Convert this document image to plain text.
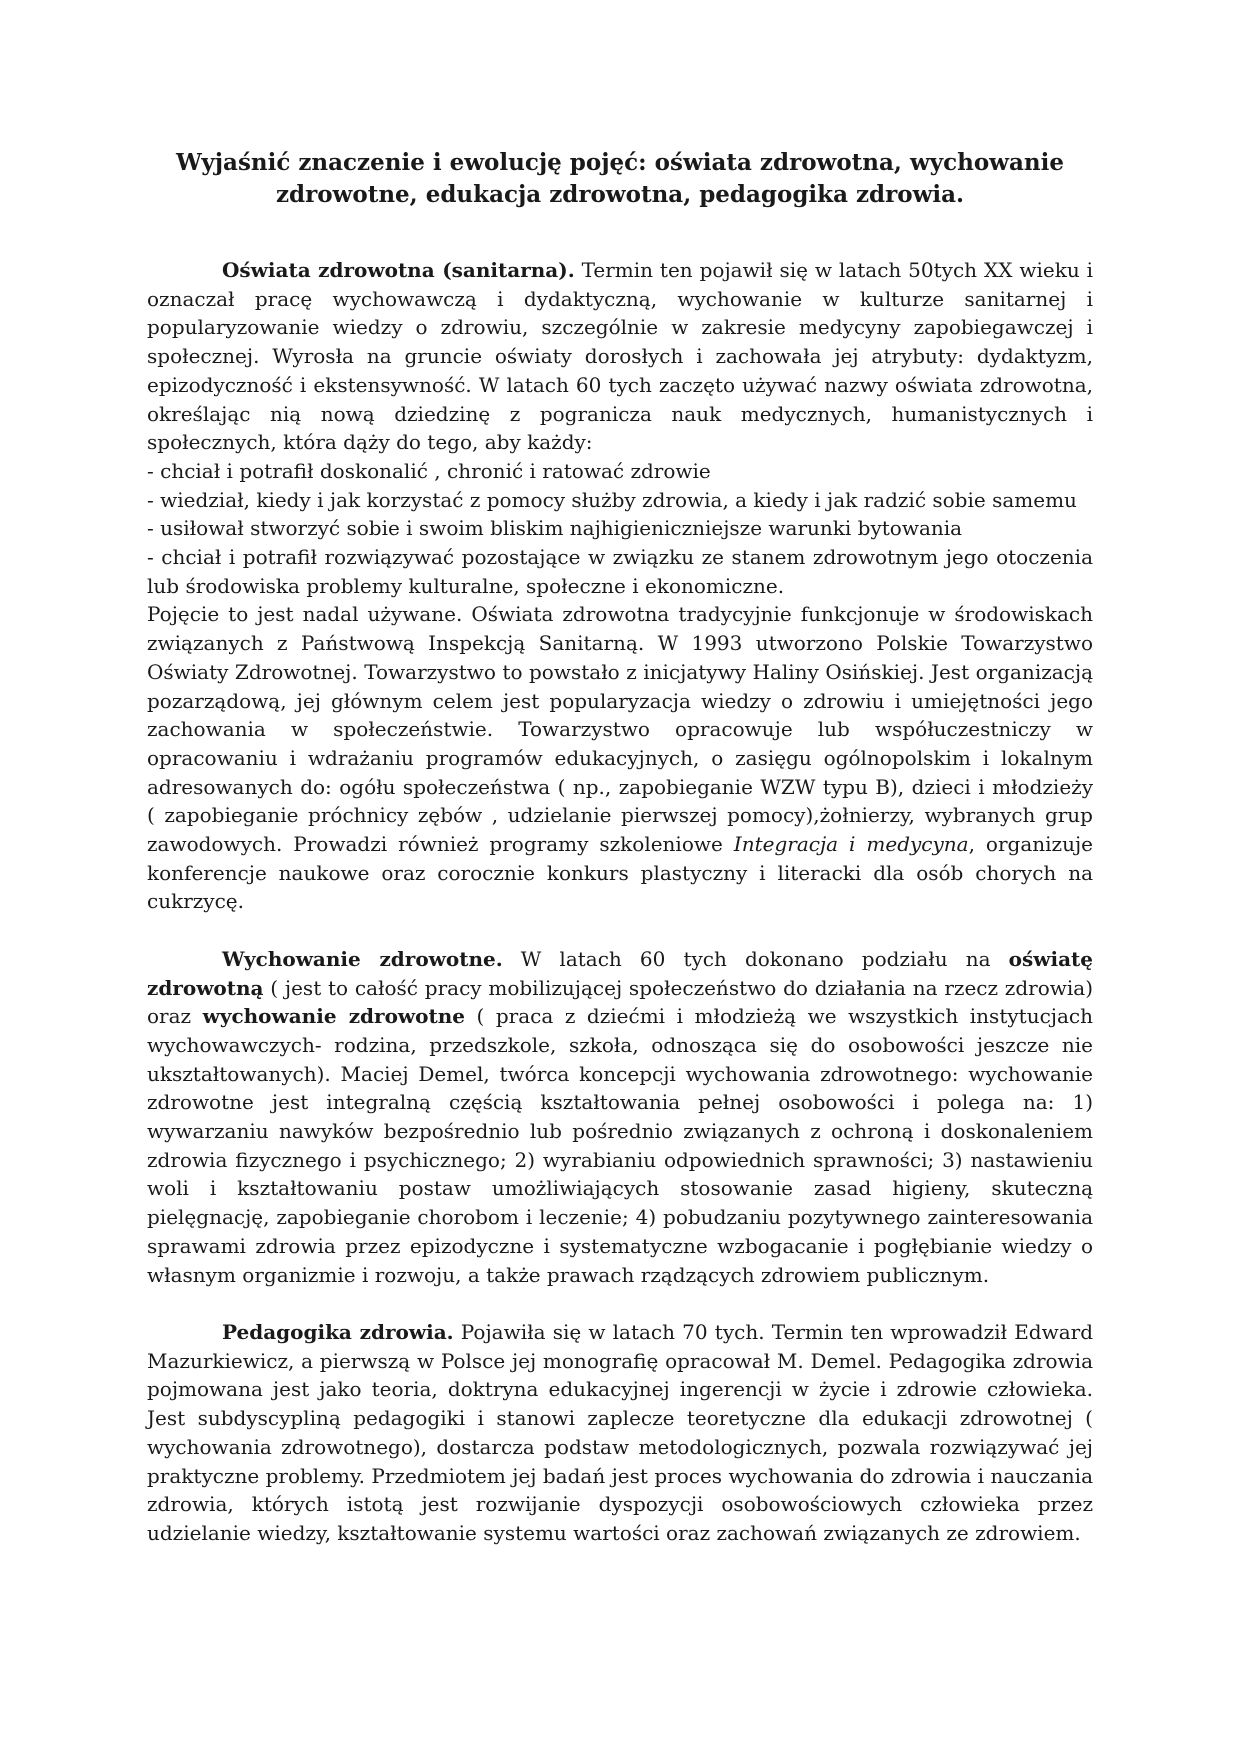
Wyjaśnić znaczenie i ewolucję pojęć: oświata zdrowotna, wychowanie
zdrowotne, edukacja zdrowotna, pedagogika zdrowia.

Oświata zdrowotna (sanitarna). Termin ten pojawił się w latach 50tych XX wieku i oznaczał pracę wychowawczą i dydaktyczną, wychowanie w kulturze sanitarnej i popularyzowanie wiedzy o zdrowiu, szczególnie w zakresie medycyny zapobiegawczej i społecznej. Wyrosła na gruncie oświaty dorosłych i zachowała jej atrybuty: dydaktyzm, epizodyczność i ekstensywność. W latach 60 tych zaczęto używać nazwy oświata zdrowotna, określając nią nową dziedzinę z pogranicza nauk medycznych, humanistycznych i społecznych, która dąży do tego, aby każdy:

- chciał i potrafił doskonalić , chronić i ratować zdrowie

- wiedział, kiedy i jak korzystać z pomocy służby zdrowia, a kiedy i jak radzić sobie samemu

- usiłował stworzyć sobie i swoim bliskim najhigieniczniejsze warunki bytowania

- chciał i potrafił rozwiązywać pozostające w związku ze stanem zdrowotnym jego otoczenia lub środowiska problemy kulturalne, społeczne i ekonomiczne.

Pojęcie to jest nadal używane. Oświata zdrowotna tradycyjnie funkcjonuje w środowiskach związanych z Państwową Inspekcją Sanitarną. W 1993 utworzono Polskie Towarzystwo Oświaty Zdrowotnej. Towarzystwo to powstało z inicjatywy Haliny Osińskiej. Jest organizacją pozarządową, jej głównym celem jest popularyzacja wiedzy o zdrowiu i umiejętności jego zachowania w społeczeństwie. Towarzystwo opracowuje lub współuczestniczy w opracowaniu i wdrażaniu programów edukacyjnych, o zasięgu ogólnopolskim i lokalnym adresowanych do: ogółu społeczeństwa ( np., zapobieganie WZW typu B), dzieci i młodzieży ( zapobieganie próchnicy zębów , udzielanie pierwszej pomocy),żołnierzy, wybranych grup zawodowych. Prowadzi również programy szkoleniowe Integracja i medycyna, organizuje konferencje naukowe oraz corocznie konkurs plastyczny i literacki dla osób chorych na cukrzycę.

Wychowanie zdrowotne. W latach 60 tych dokonano podziału na oświatę zdrowotną ( jest to całość pracy mobilizującej społeczeństwo do działania na rzecz zdrowia) oraz wychowanie zdrowotne ( praca z dziećmi i młodzieżą we wszystkich instytucjach wychowawczych- rodzina, przedszkole, szkoła, odnosząca się do osobowości jeszcze nie ukształtowanych). Maciej Demel, twórca koncepcji wychowania zdrowotnego: wychowanie zdrowotne jest integralną częścią kształtowania pełnej osobowości i polega na: 1) wywarzaniu nawyków bezpośrednio lub pośrednio związanych z ochroną i doskonaleniem zdrowia fizycznego i psychicznego; 2) wyrabianiu odpowiednich sprawności; 3) nastawieniu woli i kształtowaniu postaw umożliwiających stosowanie zasad higieny, skuteczną pielęgnację, zapobieganie chorobom i leczenie; 4) pobudzaniu pozytywnego zainteresowania sprawami zdrowia przez epizodyczne i systematyczne wzbogacanie i pogłębianie wiedzy o własnym organizmie i rozwoju, a także prawach rządzących zdrowiem publicznym.

Pedagogika zdrowia. Pojawiła się w latach 70 tych. Termin ten wprowadził Edward Mazurkiewicz, a pierwszą w Polsce jej monografię opracował M. Demel. Pedagogika zdrowia pojmowana jest jako teoria, doktryna edukacyjnej ingerencji w życie i zdrowie człowieka. Jest subdyscypliną pedagogiki i stanowi zaplecze teoretyczne dla edukacji zdrowotnej ( wychowania zdrowotnego), dostarcza podstaw metodologicznych, pozwala rozwiązywać jej praktyczne problemy. Przedmiotem jej badań jest proces wychowania do zdrowia i nauczania zdrowia, których istotą jest rozwijanie dyspozycji osobowościowych człowieka przez udzielanie wiedzy, kształtowanie systemu wartości oraz zachowań związanych ze zdrowiem.
